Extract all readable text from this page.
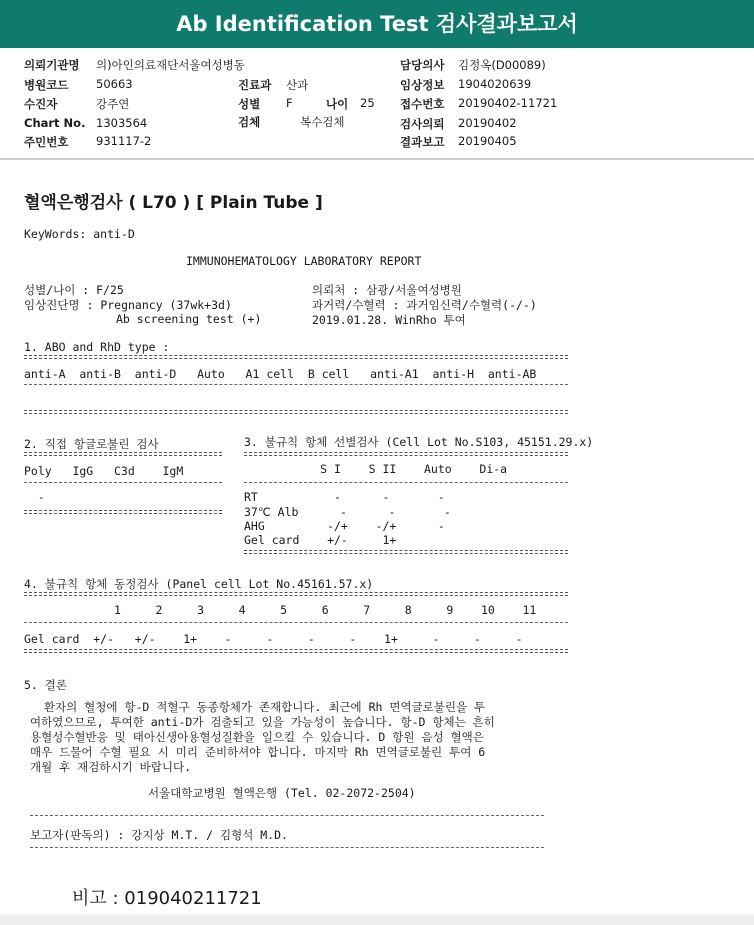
Ab Identification Test 검사결과보고서
의뢰기관명 의)아인의료재단서울여성병동
병원코드 50663	진료과 산과
수진자	강주연	성별 F	나이 25
Chart No. 1303564	검체	복수검체
주민번호 931117-2
담당의사 김정옥(D00089)
임상정보 1904020639
접수번호 20190402-11721
검사의뢰 20190402
결과보고 20190405
혈액은행검사 ( L70 ) [ Plain Tube ]
KeyWords: anti-D
IMMUNOHEMATOLOGY LABORATORY REPORT
성별/나이 : F/25
임상진단명 : Pregnancy (37wk+3d)
Ab screening test (+)
의뢰처 : 삼광/서울여성병원
과거력/수혈력 : 과거임신력/수혈력(-/-)
2019.01.28. WinRho 투여
1. ABO and RhD type :
anti-A  anti-B  anti-D   Auto   A1 cell  B cell   anti-A1  anti-H  anti-AB
2. 직접 항글로불린 검사
Poly   IgG   C3d    IgM
-
3. 불규칙 항체 선별검사 (Cell Lot No.S103, 45151.29.x)
S I    S II    Auto    Di-a
RT           -      -       -
37℃ Alb      -      -       -
AHG         -/+    -/+      -
Gel card    +/-     1+
4. 불규칙 항체 동정검사 (Panel cell Lot No.45161.57.x)
1     2     3     4     5     6     7     8     9    10    11
Gel card  +/-   +/-    1+    -     -     -     -    1+     -     -     -
5. 결론
환자의 혈청에 항-D 적혈구 동종항체가 존재합니다. 최근에 Rh 면역글로불린을 투
여하였으므로, 투여한 anti-D가 검출되고 있을 가능성이 높습니다. 항-D 항체는 흔히
용혈성수혈반응 및 태아신생아용혈성질환을 일으킬 수 있습니다. D 항원 음성 혈액은
매우 드물어 수혈 필요 시 미리 준비하셔야 합니다. 마지막 Rh 면역글로불린 투여 6
개월 후 재검하시기 바랍니다.
서울대학교병원 혈액은행 (Tel. 02-2072-2504)
보고자(판독의) : 강지상 M.T. / 김형석 M.D.
비고 : 019040211721
